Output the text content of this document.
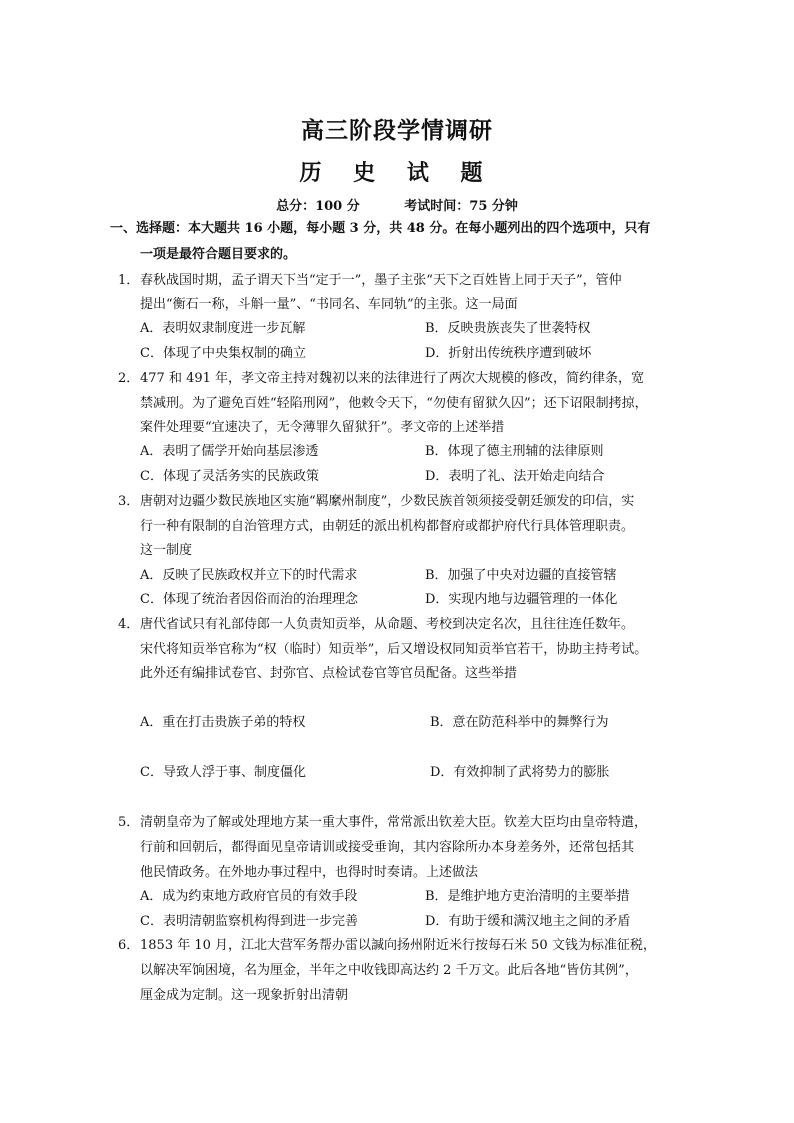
高三阶段学情调研
历 史 试 题
总分：100 分	考试时间：75 分钟
一、选择题：本大题共 16 小题，每小题 3 分，共 48 分。在每小题列出的四个选项中，只有
一项是最符合题目要求的。
1． 春秋战国时期，孟子谓天下当“定于一”，墨子主张“天下之百姓皆上同于天子”，管仲
提出“衡石一称，斗斛一量”、“书同名、车同轨”的主张。这一局面
A．表明奴隶制度进一步瓦解	B．反映贵族丧失了世袭特权
C．体现了中央集权制的确立	D．折射出传统秩序遭到破坏
2． 477 和 491 年，孝文帝主持对魏初以来的法律进行了两次大规模的修改，简约律条，宽
禁减刑。为了避免百姓“轻陷刑网”，他敕令天下，“勿使有留狱久囚”；还下诏限制拷掠，
案件处理要“宜速决了，无令薄罪久留狱犴”。孝文帝的上述举措
A．表明了儒学开始向基层渗透	B．体现了德主刑辅的法律原则
C．体现了灵活务实的民族政策	D．表明了礼、法开始走向结合
3． 唐朝对边疆少数民族地区实施“羁縻州制度”，少数民族首领须接受朝廷颁发的印信，实
行一种有限制的自治管理方式，由朝廷的派出机构都督府或都护府代行具体管理职责。
这一制度
A．反映了民族政权并立下的时代需求	B．加强了中央对边疆的直接管辖
C．体现了统治者因俗而治的治理理念	D．实现内地与边疆管理的一体化
4． 唐代省试只有礼部侍郎一人负责知贡举，从命题、考校到决定名次，且往往连任数年。
宋代将知贡举官称为“权（临时）知贡举”，后又增设权同知贡举官若干，协助主持考试。
此外还有编排试卷官、封弥官、点检试卷官等官员配备。这些举措
A．重在打击贵族子弟的特权	B．意在防范科举中的舞弊行为
C．导致人浮于事、制度僵化	D．有效抑制了武将势力的膨胀
5． 清朝皇帝为了解或处理地方某一重大事件，常常派出钦差大臣。钦差大臣均由皇帝特遣，
行前和回朝后，都得面见皇帝请训或接受垂询，其内容除所办本身差务外，还常包括其
他民情政务。在外地办事过程中，也得时时奏请。上述做法
A．成为约束地方政府官员的有效手段	B．是维护地方吏治清明的主要举措
C．表明清朝监察机构得到进一步完善	D．有助于缓和满汉地主之间的矛盾
6． 1853 年 10 月，江北大营军务帮办雷以諴向扬州附近米行按每石米 50 文钱为标准征税，
以解决军饷困境，名为厘金，半年之中收钱即高达约 2 千万文。此后各地“皆仿其例”，
厘金成为定制。这一现象折射出清朝
